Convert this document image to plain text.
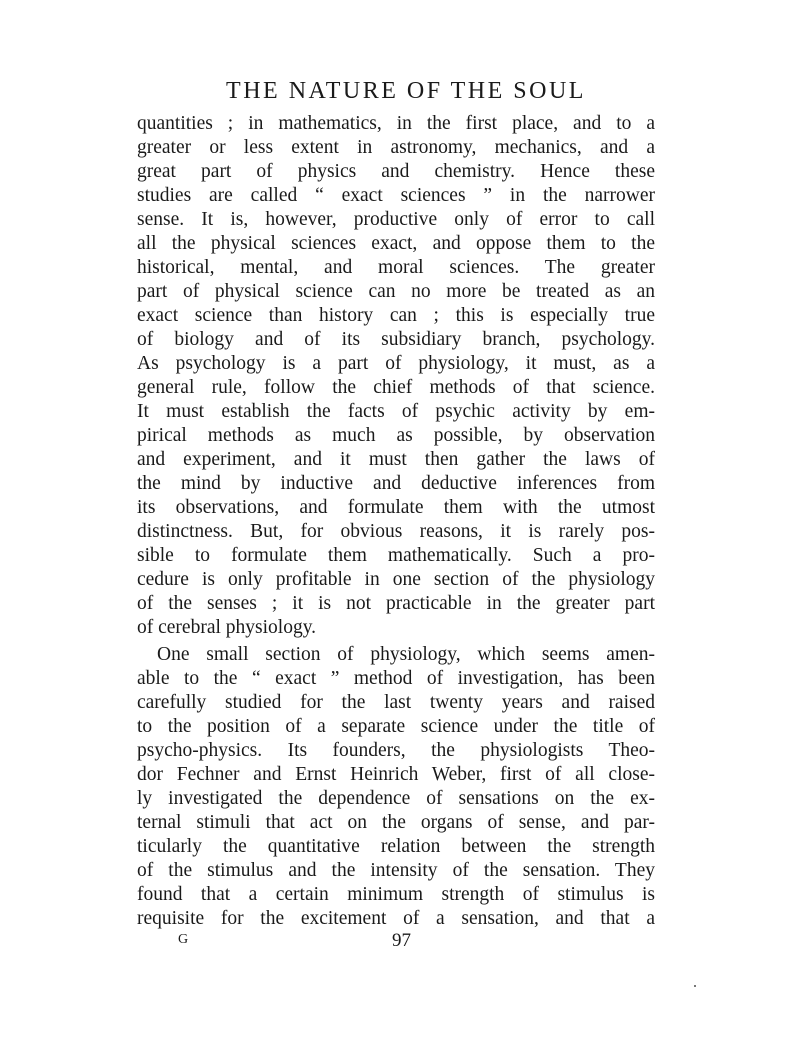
THE NATURE OF THE SOUL
quantities ; in mathematics, in the first place, and to a
greater or less extent in astronomy, mechanics, and a
great part of physics and chemistry. Hence these
studies are called “ exact sciences ” in the narrower
sense. It is, however, productive only of error to call
all the physical sciences exact, and oppose them to the
historical, mental, and moral sciences. The greater
part of physical science can no more be treated as an
exact science than history can ; this is especially true
of biology and of its subsidiary branch, psychology.
As psychology is a part of physiology, it must, as a
general rule, follow the chief methods of that science.
It must establish the facts of psychic activity by em-
pirical methods as much as possible, by observation
and experiment, and it must then gather the laws of
the mind by inductive and deductive inferences from
its observations, and formulate them with the utmost
distinctness. But, for obvious reasons, it is rarely pos-
sible to formulate them mathematically. Such a pro-
cedure is only profitable in one section of the physiology
of the senses ; it is not practicable in the greater part
of cerebral physiology.
One small section of physiology, which seems amen-
able to the “ exact ” method of investigation, has been
carefully studied for the last twenty years and raised
to the position of a separate science under the title of
psycho-physics. Its founders, the physiologists Theo-
dor Fechner and Ernst Heinrich Weber, first of all close-
ly investigated the dependence of sensations on the ex-
ternal stimuli that act on the organs of sense, and par-
ticularly the quantitative relation between the strength
of the stimulus and the intensity of the sensation. They
found that a certain minimum strength of stimulus is
requisite for the excitement of a sensation, and that a
G	97
